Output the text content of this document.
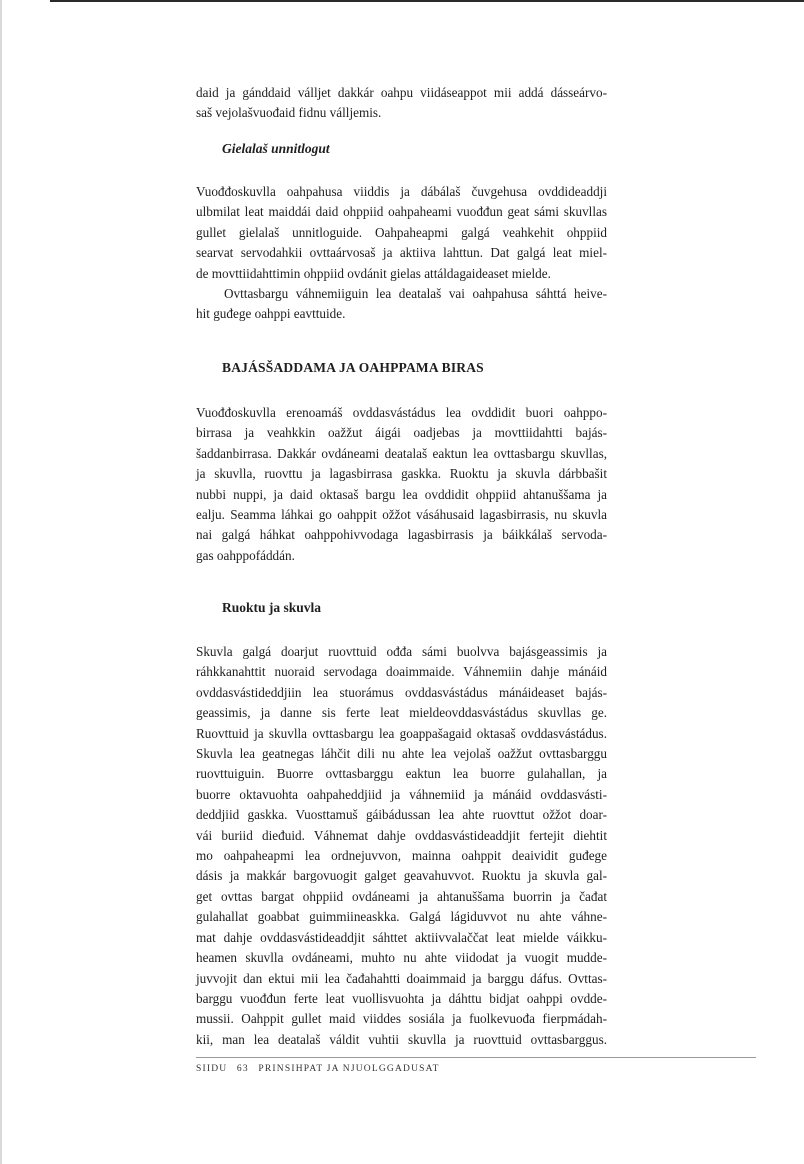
daid ja gánddaid válljet dakkár oahpu viidáseappot mii addá dásseárvo-

saš vejolašvuođaid fidnu válljemis.

Gielalaš unnitlogut

Vuođđoskuvlla oahpahusa viiddis ja dábálaš čuvgehusa ovddideaddji

ulbmilat leat maiddái daid ohppiid oahpaheami vuođđun geat sámi skuvllas

gullet gielalaš unnitloguide. Oahpaheapmi galgá veahkehit ohppiid

searvat servodahkii ovttaárvosaš ja aktiiva lahttun. Dat galgá leat miel-

de movttiidahttimin ohppiid ovdánit gielas attáldagaideaset mielde.

Ovttasbargu váhnemiiguin lea deatalaš vai oahpahusa sáhttá heive-

hit guđege oahppi eavttuide.

BAJÁSŠADDAMA JA OAHPPAMA BIRAS

Vuođđoskuvlla erenoamáš ovddasvástádus lea ovddidit buori oahppo-

birrasa ja veahkkin oažžut áigái oadjebas ja movttiidahtti bajás-

šaddanbirrasa. Dakkár ovdáneami deatalaš eaktun lea ovttasbargu skuvllas,

ja skuvlla, ruovttu ja lagasbirrasa gaskka. Ruoktu ja skuvla dárbbašit

nubbi nuppi, ja daid oktasaš bargu lea ovddidit ohppiid ahtanuššama ja

ealju. Seamma láhkai go oahppit ožžot vásáhusaid lagasbirrasis, nu skuvla

nai galgá háhkat oahppohivvodaga lagasbirrasis ja báikkálaš servoda-

gas oahppofáddán.

Ruoktu ja skuvla

Skuvla galgá doarjut ruovttuid ođđa sámi buolvva bajásgeassimis ja

ráhkkanahttit nuoraid servodaga doaimmaide. Váhnemiin dahje mánáid

ovddasvástideddjiin lea stuorámus ovddasvástádus mánáideaset bajás-

geassimis, ja danne sis ferte leat mieldeovddasvástádus skuvllas ge.

Ruovttuid ja skuvlla ovttasbargu lea goappašagaid oktasaš ovddasvástádus.

Skuvla lea geatnegas láhčit dili nu ahte lea vejolaš oažžut ovttasbarggu

ruovttuiguin. Buorre ovttasbarggu eaktun lea buorre gulahallan, ja

buorre oktavuohta oahpaheddjiid ja váhnemiid ja mánáid ovddasvásti-

deddjiid gaskka. Vuosttamuš gáibádussan lea ahte ruovttut ožžot doar-

vái buriid dieđuid. Váhnemat dahje ovddasvástideaddjit fertejit diehtit

mo oahpaheapmi lea ordnejuvvon, mainna oahppit deaividit guđege

dásis ja makkár bargovuogit galget geavahuvvot. Ruoktu ja skuvla gal-

get ovttas bargat ohppiid ovdáneami ja ahtanuššama buorrin ja čađat

gulahallat goabbat guimmiineaskka. Galgá lágiduvvot nu ahte váhne-

mat dahje ovddasvástideaddjit sáhttet aktiivvalaččat leat mielde váikku-

heamen skuvlla ovdáneami, muhto nu ahte viidodat ja vuogit mudde-

juvvojit dan ektui mii lea čađahahtti doaimmaid ja barggu dáfus. Ovttas-

barggu vuođđun ferte leat vuollisvuohta ja dáhttu bidjat oahppi ovdde-

mussii. Oahppit gullet maid viiddes sosiála ja fuolkevuođa fierpmádah-

kii, man lea deatalaš váldit vuhtii skuvlla ja ruovttuid ovttasbarggus.

SIIDU 63 PRINSIHPAT JA NJUOLGGADUSAT
